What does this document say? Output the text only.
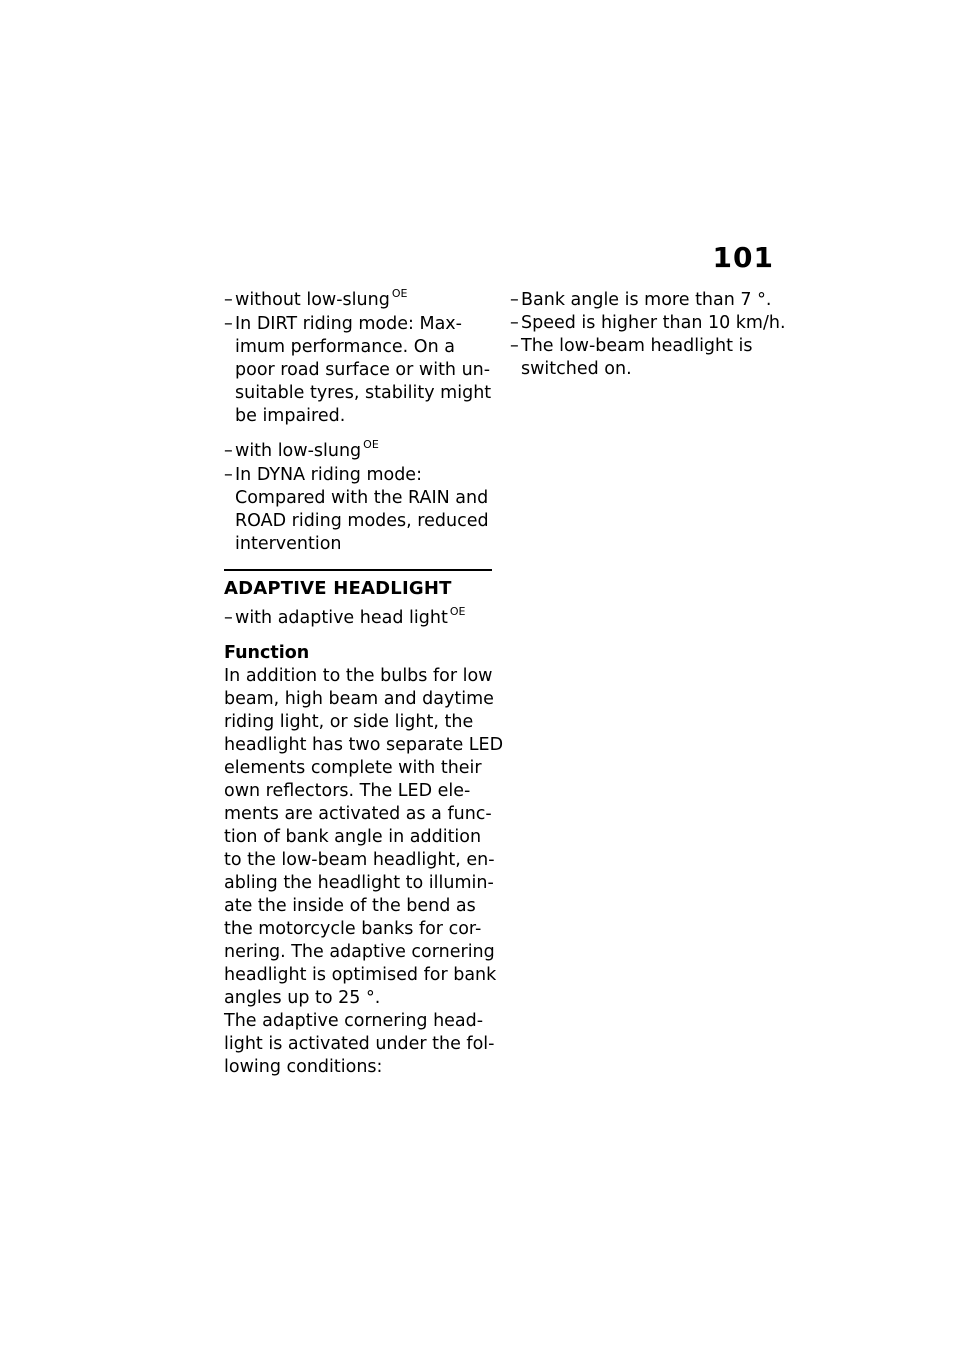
101
– without low-slung $^{OE}$
– In DIRT riding mode: Max-
imum performance. On a
poor road surface or with un-
suitable tyres, stability might
be impaired.
– with low-slung $^{OE}$
– In DYNA riding mode:
Compared with the RAIN and
ROAD riding modes, reduced
intervention
ADAPTIVE HEADLIGHT
– with adaptive head light $^{OE}$
Function
In addition to the bulbs for low
beam, high beam and daytime
riding light, or side light, the
headlight has two separate LED
elements complete with their
own reflectors. The LED ele-
ments are activated as a func-
tion of bank angle in addition
to the low-beam headlight, en-
abling the headlight to illumin-
ate the inside of the bend as
the motorcycle banks for cor-
nering. The adaptive cornering
headlight is optimised for bank
angles up to 25 °.
The adaptive cornering head-
light is activated under the fol-
lowing conditions:
– Bank angle is more than 7 °.
– Speed is higher than 10 km/h.
– The low-beam headlight is
switched on.
